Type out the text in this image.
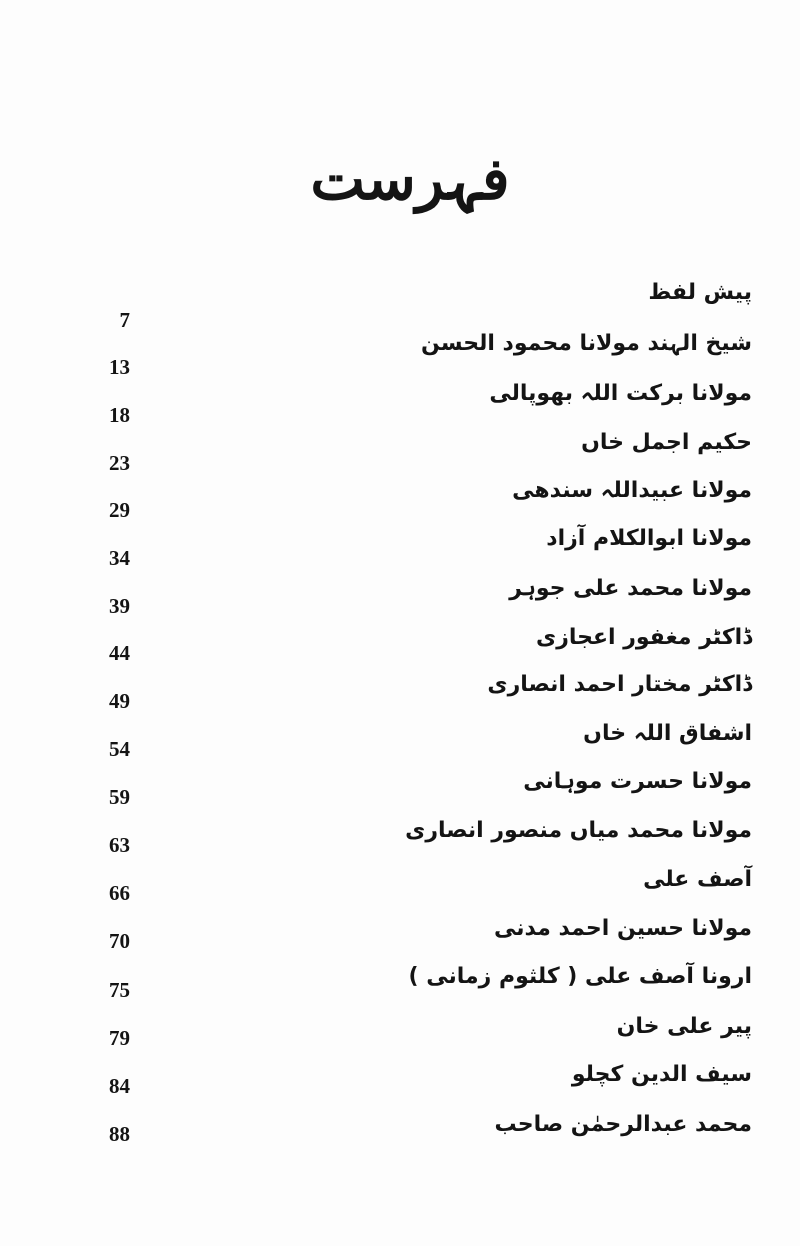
فہرست
پیش لفظ
شیخ الہند مولانا محمود الحسن
مولانا برکت اللہ بھوپالی
حکیم اجمل خاں
مولانا عبیداللہ سندھی
مولانا ابوالکلام آزاد
مولانا محمد علی جوہر
ڈاکٹر مغفور اعجازی
ڈاکٹر مختار احمد انصاری
اشفاق اللہ خاں
مولانا حسرت موہانی
مولانا محمد میاں منصور انصاری
آصف علی
مولانا حسین احمد مدنی
ارونا آصف علی ( کلثوم زمانی )
پیر علی خان
سیف الدین کچلو
محمد عبدالرحمٰن صاحب
7
13
18
23
29
34
39
44
49
54
59
63
66
70
75
79
84
88
